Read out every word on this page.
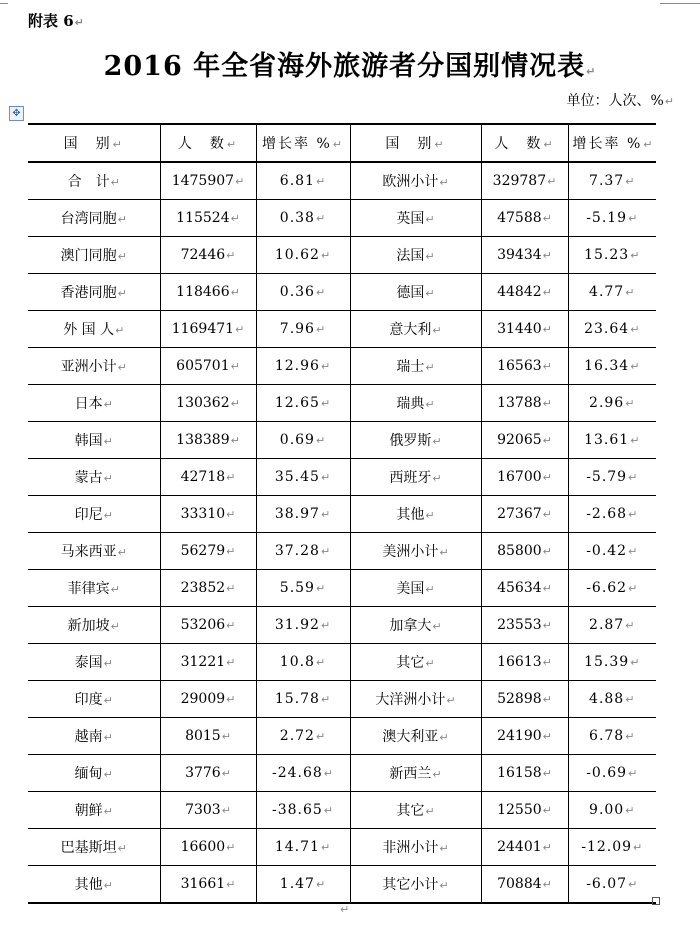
附表 6↵
2016 年全省海外旅游者分国别情况表↵
单位：人次、%↵
✥
国　别↵	人　数↵	增长率 %↵	国　别↵	人　数↵	增长率 %↵
合　计↵	1475907↵	6.81↵	欧洲小计↵	329787↵	7.37↵
台湾同胞↵	115524↵	0.38↵	英国↵	47588↵	-5.19↵
澳门同胞↵	72446↵	10.62↵	法国↵	39434↵	15.23↵
香港同胞↵	118466↵	0.36↵	德国↵	44842↵	4.77↵
外 国 人↵	1169471↵	7.96↵	意大利↵	31440↵	23.64↵
亚洲小计↵	605701↵	12.96↵	瑞士↵	16563↵	16.34↵
日本↵	130362↵	12.65↵	瑞典↵	13788↵	2.96↵
韩国↵	138389↵	0.69↵	俄罗斯↵	92065↵	13.61↵
蒙古↵	42718↵	35.45↵	西班牙↵	16700↵	-5.79↵
印尼↵	33310↵	38.97↵	其他↵	27367↵	-2.68↵
马来西亚↵	56279↵	37.28↵	美洲小计↵	85800↵	-0.42↵
菲律宾↵	23852↵	5.59↵	美国↵	45634↵	-6.62↵
新加坡↵	53206↵	31.92↵	加拿大↵	23553↵	2.87↵
泰国↵	31221↵	10.8↵	其它↵	16613↵	15.39↵
印度↵	29009↵	15.78↵	大洋洲小计↵	52898↵	4.88↵
越南↵	8015↵	2.72↵	澳大利亚↵	24190↵	6.78↵
缅甸↵	3776↵	-24.68↵	新西兰↵	16158↵	-0.69↵
朝鲜↵	7303↵	-38.65↵	其它↵	12550↵	9.00↵
巴基斯坦↵	16600↵	14.71↵	非洲小计↵	24401↵	-12.09↵
其他↵	31661↵	1.47↵	其它小计↵	70884↵	-6.07↵
↵
